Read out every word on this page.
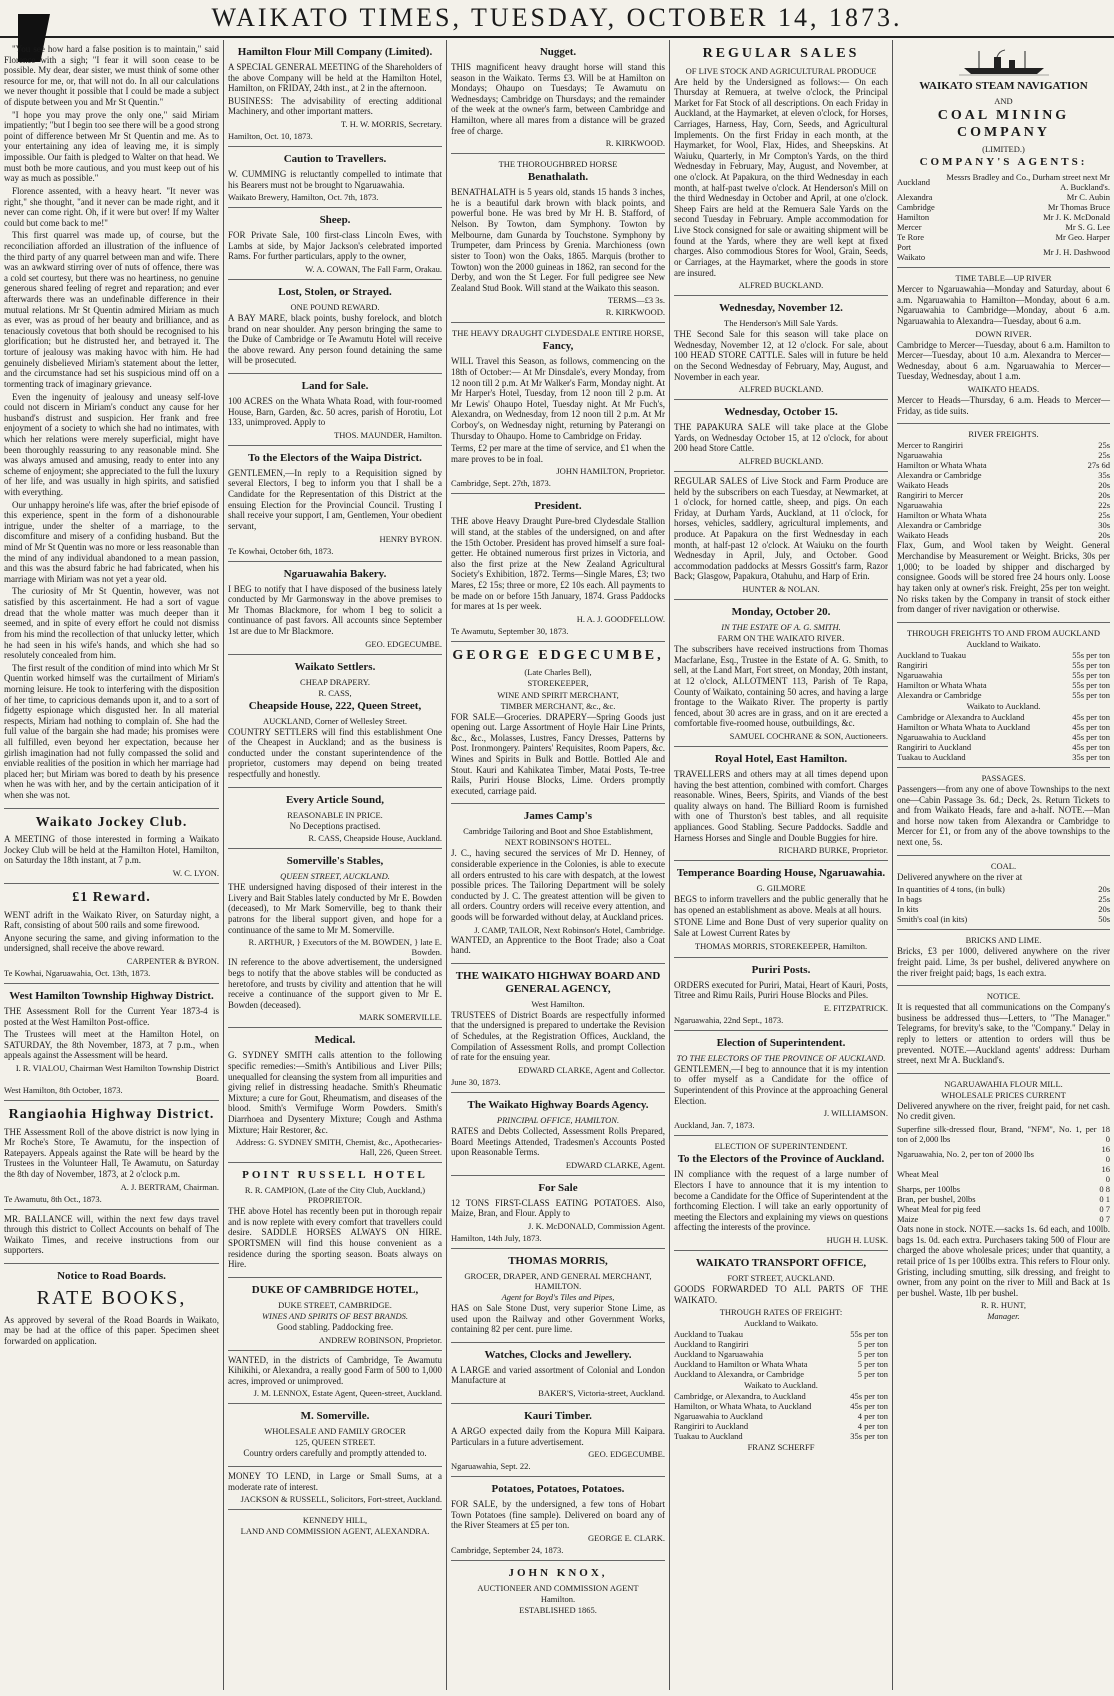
WAIKATO TIMES, TUESDAY, OCTOBER 14, 1873.

"You see how hard a false position is to maintain," said Florence with a sigh; "I fear it will soon cease to be possible. My dear, dear sister, we must think of some other resource for me, or, that will not do. In all our calculations we never thought it possible that I could be made a subject of dispute between you and Mr St Quentin."

"I hope you may prove the only one," said Miriam impatiently; "but I begin too see there will be a good strong point of difference between Mr St Quentin and me. As to your entertaining any idea of leaving me, it is simply impossible. Our faith is pledged to Walter on that head. We must both be more cautious, and you must keep out of his way as much as possible."

Florence assented, with a heavy heart. "It never was right," she thought, "and it never can be made right, and it never can come right. Oh, if it were but over! If my Walter could but come back to me!"

This first quarrel was made up, of course, but the reconciliation afforded an illustration of the influence of the third party of any quarrel between man and wife. There was an awkward stirring over of nuts of offence, there was a cold set courtesy, but there was no heartiness, no genuine generous shared feeling of regret and reparation; and ever afterwards there was an undefinable difference in their mutual relations. Mr St Quentin admired Miriam as much as ever, was as proud of her beauty and brilliance, and as tenaciously covetous that both should be recognised to his glorification; but he distrusted her, and betrayed it. The torture of jealousy was making havoc with him. He had genuinely disbelieved Miriam's statement about the letter, and the circumstance had set his suspicious mind off on a tormenting track of imaginary grievance.

Even the ingenuity of jealousy and uneasy self-love could not discern in Miriam's conduct any cause for her husband's distrust and suspicion. Her frank and free enjoyment of a society to which she had no intimates, with which her relations were merely superficial, might have been thoroughly reassuring to any reasonable mind. She was always amused and amusing, ready to enter into any scheme of enjoyment; she appreciated to the full the luxury of her life, and was usually in high spirits, and satisfied with everything.

Our unhappy heroine's life was, after the brief episode of this experience, spent in the form of a dishonourable intrigue, under the shelter of a marriage, to the discomfiture and misery of a confiding husband. But the mind of Mr St Quentin was no more or less reasonable than the mind of any individual abandoned to a mean passion, and this was the absurd fabric he had fabricated, when his marriage with Miriam was not yet a year old.

The curiosity of Mr St Quentin, however, was not satisfied by this ascertainment. He had a sort of vague dread that the whole matter was much deeper than it seemed, and in spite of every effort he could not dismiss from his mind the recollection of that unlucky letter, which he had seen in his wife's hands, and which she had so resolutely concealed from him.

The first result of the condition of mind into which Mr St Quentin worked himself was the curtailment of Miriam's morning leisure. He took to interfering with the disposition of her time, to capricious demands upon it, and to a sort of fidgetty espionage which disgusted her. In all material respects, Miriam had nothing to complain of. She had the full value of the bargain she had made; his promises were all fulfilled, even beyond her expectation, because her girlish imagination had not fully compassed the solid and enviable realities of the position in which her marriage had placed her; but Miriam was bored to death by his presence when he was with her, and by the certain anticipation of it when she was not.

Waikato Jockey Club.

A MEETING of those interested in forming a Waikato Jockey Club will be held at the Hamilton Hotel, Hamilton, on Saturday the 18th instant, at 7 p.m.

W. C. LYON.
£1 Reward.

WENT adrift in the Waikato River, on Saturday night, a Raft, consisting of about 500 rails and some firewood.

Anyone securing the same, and giving information to the undersigned, shall receive the above reward.

CARPENTER & BYRON.
Te Kowhai, Ngaruawahia, Oct. 13th, 1873.
West Hamilton Township Highway District.

THE Assessment Roll for the Current Year 1873-4 is posted at the West Hamilton Post-office.

The Trustees will meet at the Hamilton Hotel, on SATURDAY, the 8th November, 1873, at 7 p.m., when appeals against the Assessment will be heard.

I. R. VIALOU, Chairman West Hamilton Township District Board.
West Hamilton, 8th October, 1873.
Rangiaohia Highway District.

THE Assessment Roll of the above district is now lying in Mr Roche's Store, Te Awamutu, for the inspection of Ratepayers. Appeals against the Rate will be heard by the Trustees in the Volunteer Hall, Te Awamutu, on Saturday the 8th day of November, 1873, at 2 o'clock p.m.

A. J. BERTRAM, Chairman.
Te Awamutu, 8th Oct., 1873.

MR. BALLANCE will, within the next few days travel through this district to Collect Accounts on behalf of The Waikato Times, and receive instructions from our supporters.

Notice to Road Boards.
RATE BOOKS,

As approved by several of the Road Boards in Waikato, may be had at the office of this paper. Specimen sheet forwarded on application.

Hamilton Flour Mill Company (Limited).

A SPECIAL GENERAL MEETING of the Shareholders of the above Company will be held at the Hamilton Hotel, Hamilton, on FRIDAY, 24th inst., at 2 in the afternoon.

BUSINESS: The advisability of erecting additional Machinery, and other important matters.

T. H. W. MORRIS, Secretary.
Hamilton, Oct. 10, 1873.
Caution to Travellers.

W. CUMMING is reluctantly compelled to intimate that his Bearers must not be brought to Ngaruawahia.

Waikato Brewery, Hamilton, Oct. 7th, 1873.
Sheep.

FOR Private Sale, 100 first-class Lincoln Ewes, with Lambs at side, by Major Jackson's celebrated imported Rams. For further particulars, apply to the owner,

W. A. COWAN, The Fall Farm, Orakau.
Lost, Stolen, or Strayed.
ONE POUND REWARD.

A BAY MARE, black points, bushy forelock, and blotch brand on near shoulder. Any person bringing the same to the Duke of Cambridge or Te Awamutu Hotel will receive the above reward. Any person found detaining the same will be prosecuted.

Land for Sale.

100 ACRES on the Whata Whata Road, with four-roomed House, Barn, Garden, &c. 50 acres, parish of Horotiu, Lot 133, unimproved. Apply to

THOS. MAUNDER, Hamilton.
To the Electors of the Waipa District.

GENTLEMEN,—In reply to a Requisition signed by several Electors, I beg to inform you that I shall be a Candidate for the Representation of this District at the ensuing Election for the Provincial Council. Trusting I shall receive your support, I am, Gentlemen, Your obedient servant,

HENRY BYRON.
Te Kowhai, October 6th, 1873.
Ngaruawahia Bakery.

I BEG to notify that I have disposed of the business lately conducted by Mr Garmonsway in the above premises to Mr Thomas Blackmore, for whom I beg to solicit a continuance of past favors. All accounts since September 1st are due to Mr Blackmore.

GEO. EDGECUMBE.
Waikato Settlers.
CHEAP DRAPERY.
R. CASS,
Cheapside House, 222, Queen Street,
AUCKLAND, Corner of Wellesley Street.

COUNTRY SETTLERS will find this establishment One of the Cheapest in Auckland; and as the business is conducted under the constant superintendence of the proprietor, customers may depend on being treated respectfully and honestly.

Every Article Sound,
REASONABLE IN PRICE.

No Deceptions practised.

R. CASS, Cheapside House, Auckland.
Somerville's Stables,
QUEEN STREET, AUCKLAND.

THE undersigned having disposed of their interest in the Livery and Bait Stables lately conducted by Mr E. Bowden (deceased), to Mr Mark Somerville, beg to thank their patrons for the liberal support given, and hope for a continuance of the same to Mr M. Somerville.

R. ARTHUR, } Executors of the M. BOWDEN, } late E. Bowden.

IN reference to the above advertisement, the undersigned begs to notify that the above stables will be conducted as heretofore, and trusts by civility and attention that he will receive a continuance of the support given to Mr E. Bowden (deceased).

MARK SOMERVILLE.
Medical.

G. SYDNEY SMITH calls attention to the following specific remedies:—Smith's Antibilious and Liver Pills; unequalled for cleansing the system from all impurities and giving relief in distressing headache. Smith's Rheumatic Mixture; a cure for Gout, Rheumatism, and diseases of the blood. Smith's Vermifuge Worm Powders. Smith's Diarrhoea and Dysentery Mixture; Cough and Asthma Mixture; Hair Restorer, &c.

Address: G. SYDNEY SMITH, Chemist, &c., Apothecaries-Hall, 226, Queen Street.
POINT RUSSELL HOTEL
R. R. CAMPION, (Late of the City Club, Auckland,) PROPRIETOR.

THE above Hotel has recently been put in thorough repair and is now replete with every comfort that travellers could desire. SADDLE HORSES ALWAYS ON HIRE. SPORTSMEN will find this house convenient as a residence during the sporting season. Boats always on Hire.

DUKE OF CAMBRIDGE HOTEL,
DUKE STREET, CAMBRIDGE.
WINES AND SPIRITS OF BEST BRANDS.

Good stabling. Paddocking free.

ANDREW ROBINSON, Proprietor.

WANTED, in the districts of Cambridge, Te Awamutu Kihikihi, or Alexandra, a really good Farm of 500 to 1,000 acres, improved or unimproved.

J. M. LENNOX, Estate Agent, Queen-street, Auckland.
M. Somerville.
WHOLESALE AND FAMILY GROCER
125, QUEEN STREET.

Country orders carefully and promptly attended to.

MONEY TO LEND, in Large or Small Sums, at a moderate rate of interest.

JACKSON & RUSSELL, Solicitors, Fort-street, Auckland.
KENNEDY HILL,
LAND AND COMMISSION AGENT, ALEXANDRA.
Nugget.

THIS magnificent heavy draught horse will stand this season in the Waikato. Terms £3. Will be at Hamilton on Mondays; Ohaupo on Tuesdays; Te Awamutu on Wednesdays; Cambridge on Thursdays; and the remainder of the week at the owner's farm, between Cambridge and Hamilton, where all mares from a distance will be grazed free of charge.

R. KIRKWOOD.
THE THOROUGHBRED HORSE
Benathalath.

BENATHALATH is 5 years old, stands 15 hands 3 inches, he is a beautiful dark brown with black points, and powerful bone. He was bred by Mr H. B. Stafford, of Nelson. By Towton, dam Symphony. Towton by Melbourne, dam Gunarda by Touchstone. Symphony by Trumpeter, dam Princess by Grenia. Marchioness (own sister to Toon) won the Oaks, 1865. Marquis (brother to Towton) won the 2000 guineas in 1862, ran second for the Derby, and won the St Leger. For full pedigree see New Zealand Stud Book. Will stand at the Waikato this season.

TERMS—£3 3s.
R. KIRKWOOD.
THE HEAVY DRAUGHT CLYDESDALE ENTIRE HORSE,
Fancy,

WILL Travel this Season, as follows, commencing on the 18th of October:— At Mr Dinsdale's, every Monday, from 12 noon till 2 p.m. At Mr Walker's Farm, Monday night. At Mr Harper's Hotel, Tuesday, from 12 noon till 2 p.m. At Mr Lewis' Ohaupo Hotel, Tuesday night. At Mr Fuch's, Alexandra, on Wednesday, from 12 noon till 2 p.m. At Mr Corboy's, on Wednesday night, returning by Paterangi on Thursday to Ohaupo. Home to Cambridge on Friday.

Terms, £2 per mare at the time of service, and £1 when the mare proves to be in foal.

JOHN HAMILTON, Proprietor.
Cambridge, Sept. 27th, 1873.
President.

THE above Heavy Draught Pure-bred Clydesdale Stallion will stand, at the stables of the undersigned, on and after the 15th October. President has proved himself a sure foal-getter. He obtained numerous first prizes in Victoria, and also the first prize at the New Zealand Agricultural Society's Exhibition, 1872. Terms—Single Mares, £3; two Mares, £2 15s; three or more, £2 10s each. All payments to be made on or before 15th January, 1874. Grass Paddocks for mares at 1s per week.

H. A. J. GOODFELLOW.
Te Awamutu, September 30, 1873.
GEORGE EDGECUMBE,
(Late Charles Bell),
STOREKEEPER,
WINE AND SPIRIT MERCHANT,
TIMBER MERCHANT, &c., &c.

FOR SALE—Groceries. DRAPERY—Spring Goods just opening out. Large Assortment of Hoyle Hair Line Prints, &c., &c., Molasses, Lustres, Fancy Dresses, Patterns by Post. Ironmongery. Painters' Requisites, Room Papers, &c. Wines and Spirits in Bulk and Bottle. Bottled Ale and Stout. Kauri and Kahikatea Timber, Matai Posts, Te-tree Rails, Puriri House Blocks, Lime. Orders promptly executed, carriage paid.

James Camp's
Cambridge Tailoring and Boot and Shoe Establishment,
NEXT ROBINSON'S HOTEL.

J. C., having secured the services of Mr D. Henney, of considerable experience in the Colonies, is able to execute all orders entrusted to his care with despatch, at the lowest possible prices. The Tailoring Department will be solely conducted by J. C. The greatest attention will be given to all orders. Country orders will receive every attention, and goods will be forwarded without delay, at Auckland prices.

J. CAMP, TAILOR, Next Robinson's Hotel, Cambridge.

WANTED, an Apprentice to the Boot Trade; also a Coat hand.

THE WAIKATO HIGHWAY BOARD AND GENERAL AGENCY,
West Hamilton.

TRUSTEES of District Boards are respectfully informed that the undersigned is prepared to undertake the Revision of Schedules, at the Registration Offices, Auckland, the Compilation of Assessment Rolls, and prompt Collection of rate for the ensuing year.

EDWARD CLARKE, Agent and Collector.
June 30, 1873.
The Waikato Highway Boards Agency.
PRINCIPAL OFFICE, HAMILTON.

RATES and Debts Collected, Assessment Rolls Prepared, Board Meetings Attended, Tradesmen's Accounts Posted upon Reasonable Terms.

EDWARD CLARKE, Agent.
For Sale

12 TONS FIRST-CLASS EATING POTATOES. Also, Maize, Bran, and Flour. Apply to

J. K. McDONALD, Commission Agent.
Hamilton, 14th July, 1873.
THOMAS MORRIS,
GROCER, DRAPER, AND GENERAL MERCHANT, HAMILTON.
Agent for Boyd's Tiles and Pipes,

HAS on Sale Stone Dust, very superior Stone Lime, as used upon the Railway and other Government Works, containing 82 per cent. pure lime.

Watches, Clocks and Jewellery.

A LARGE and varied assortment of Colonial and London Manufacture at

BAKER'S, Victoria-street, Auckland.
Kauri Timber.

A ARGO expected daily from the Kopura Mill Kaipara. Particulars in a future advertisement.

GEO. EDGECUMBE.
Ngaruawahia, Sept. 22.
Potatoes, Potatoes, Potatoes.

FOR SALE, by the undersigned, a few tons of Hobart Town Potatoes (fine sample). Delivered on board any of the River Steamers at £5 per ton.

GEORGE E. CLARK.
Cambridge, September 24, 1873.
JOHN KNOX,
AUCTIONEER AND COMMISSION AGENT
Hamilton.
ESTABLISHED 1865.
REGULAR SALES
OF LIVE STOCK AND AGRICULTURAL PRODUCE

Are held by the Undersigned as follows:— On each Thursday at Remuera, at twelve o'clock, the Principal Market for Fat Stock of all descriptions. On each Friday in Auckland, at the Haymarket, at eleven o'clock, for Horses, Carriages, Harness, Hay, Corn, Seeds, and Agricultural Implements. On the first Friday in each month, at the Haymarket, for Wool, Flax, Hides, and Sheepskins. At Waiuku, Quarterly, in Mr Compton's Yards, on the third Wednesday in February, May, August, and November, at one o'clock. At Papakura, on the third Wednesday in each month, at half-past twelve o'clock. At Henderson's Mill on the third Wednesday in October and April, at one o'clock. Sheep Fairs are held at the Remuera Sale Yards on the second Tuesday in February. Ample accommodation for Live Stock consigned for sale or awaiting shipment will be found at the Yards, where they are well kept at fixed charges. Also commodious Stores for Wool, Grain, Seeds, or Carriages, at the Haymarket, where the goods in store are insured.

ALFRED BUCKLAND.
Wednesday, November 12.
The Henderson's Mill Sale Yards.

THE Second Sale for this season will take place on Wednesday, November 12, at 12 o'clock. For sale, about 100 HEAD STORE CATTLE. Sales will in future be held on the Second Wednesday of February, May, August, and November in each year.

ALFRED BUCKLAND.
Wednesday, October 15.

THE PAPAKURA SALE will take place at the Globe Yards, on Wednesday October 15, at 12 o'clock, for about 200 head Store Cattle.

ALFRED BUCKLAND.

REGULAR SALES of Live Stock and Farm Produce are held by the subscribers on each Tuesday, at Newmarket, at 1 o'clock, for horned cattle, sheep, and pigs. On each Friday, at Durham Yards, Auckland, at 11 o'clock, for horses, vehicles, saddlery, agricultural implements, and produce. At Papakura on the first Wednesday in each month, at half-past 12 o'clock. At Waiuku on the fourth Wednesday in April, July, and October. Good accommodation paddocks at Messrs Gossitt's farm, Razor Back; Glasgow, Papakura, Otahuhu, and Harp of Erin.

HUNTER & NOLAN.
Monday, October 20.
IN THE ESTATE OF A. G. SMITH.
FARM ON THE WAIKATO RIVER.

The subscribers have received instructions from Thomas Macfarlane, Esq., Trustee in the Estate of A. G. Smith, to sell, at the Land Mart, Fort street, on Monday, 20th instant, at 12 o'clock, ALLOTMENT 113, Parish of Te Rapa, County of Waikato, containing 50 acres, and having a large frontage to the Waikato River. The property is partly fenced, about 30 acres are in grass, and on it are erected a comfortable five-roomed house, outbuildings, &c.

SAMUEL COCHRANE & SON, Auctioneers.
Royal Hotel, East Hamilton.

TRAVELLERS and others may at all times depend upon having the best attention, combined with comfort. Charges reasonable. Wines, Beers, Spirits, and Viands of the best quality always on hand. The Billiard Room is furnished with one of Thurston's best tables, and all requisite appliances. Good Stabling. Secure Paddocks. Saddle and Harness Horses and Single and Double Buggies for hire.

RICHARD BURKE, Proprietor.
Temperance Boarding House, Ngaruawahia.
G. GILMORE

BEGS to inform travellers and the public generally that he has opened an establishment as above. Meals at all hours.

STONE Lime and Bone Dust of very superior quality on Sale at Lowest Current Rates by

THOMAS MORRIS, STOREKEEPER, Hamilton.
Puriri Posts.

ORDERS executed for Puriri, Matai, Heart of Kauri, Posts, Titree and Rimu Rails, Puriri House Blocks and Piles.

E. FITZPATRICK.
Ngaruawahia, 22nd Sept., 1873.
Election of Superintendent.
TO THE ELECTORS OF THE PROVINCE OF AUCKLAND.

GENTLEMEN,—I beg to announce that it is my intention to offer myself as a Candidate for the office of Superintendent of this Province at the approaching General Election.

J. WILLIAMSON.
Auckland, Jan. 7, 1873.
ELECTION OF SUPERINTENDENT.
To the Electors of the Province of Auckland.

IN compliance with the request of a large number of Electors I have to announce that it is my intention to become a Candidate for the Office of Superintendent at the forthcoming Election. I will take an early opportunity of meeting the Electors and explaining my views on questions affecting the interests of the province.

HUGH H. LUSK.
WAIKATO TRANSPORT OFFICE,
FORT STREET, AUCKLAND.

GOODS FORWARDED TO ALL PARTS OF THE WAIKATO.

THROUGH RATES OF FREIGHT:
Auckland to Waikato.
Auckland to Tuakau	55s per ton
Auckland to Rangiriri	5 per ton
Auckland to Ngaruawahia	5 per ton
Auckland to Hamilton or Whata Whata	5 per ton
Auckland to Alexandra, or Cambridge	5 per ton
Waikato to Auckland.
Cambridge, or Alexandra, to Auckland	45s per ton
Hamilton, or Whata Whata, to Auckland	45s per ton
Ngaruawahia to Auckland	4 per ton
Rangiriri to Auckland	4 per ton
Tuakau to Auckland	35s per ton
FRANZ SCHERFF
WAIKATO STEAM NAVIGATION
AND
COAL MINING COMPANY
(LIMITED.)
COMPANY'S AGENTS:
Auckland	Messrs Bradley and Co., Durham street next Mr A. Buckland's.
Alexandra	Mr C. Aubin
Cambridge	Mr Thomas Bruce
Hamilton	Mr J. K. McDonald
Mercer	Mr S. G. Lee
Te Rore	Mr Geo. Harper
Port Waikato	Mr J. H. Dashwood
TIME TABLE—UP RIVER

Mercer to Ngaruawahia—Monday and Saturday, about 6 a.m. Ngaruawahia to Hamilton—Monday, about 6 a.m. Ngaruawahia to Cambridge—Monday, about 6 a.m. Ngaruawahia to Alexandra—Tuesday, about 6 a.m.

DOWN RIVER.

Cambridge to Mercer—Tuesday, about 6 a.m. Hamilton to Mercer—Tuesday, about 10 a.m. Alexandra to Mercer—Wednesday, about 6 a.m. Ngaruawahia to Mercer—Tuesday, Wednesday, about 1 a.m.

WAIKATO HEADS.

Mercer to Heads—Thursday, 6 a.m. Heads to Mercer—Friday, as tide suits.

RIVER FREIGHTS.
Mercer to Rangiriri	25s
Ngaruawahia	25s
Hamilton or Whata Whata	27s 6d
Alexandra or Cambridge	35s
Waikato Heads	20s
Rangiriri to Mercer	20s
Ngaruawahia	22s
Hamilton or Whata Whata	25s
Alexandra or Cambridge	30s
Waikato Heads	20s

Flax, Gum, and Wool taken by Weight. General Merchandise by Measurement or Weight. Bricks, 30s per 1,000; to be loaded by shipper and discharged by consignee. Goods will be stored free 24 hours only. Loose hay taken only at owner's risk. Freight, 25s per ton weight. No risks taken by the Company in transit of stock either from danger of river navigation or otherwise.

THROUGH FREIGHTS TO AND FROM AUCKLAND
Auckland to Waikato.
Auckland to Tuakau	55s per ton
Rangiriri	55s per ton
Ngaruawahia	55s per ton
Hamilton or Whata Whata	55s per ton
Alexandra or Cambridge	55s per ton
Waikato to Auckland.
Cambridge or Alexandra to Auckland	45s per ton
Hamilton or Whata Whata to Auckland	45s per ton
Ngaruawahia to Auckland	45s per ton
Rangiriri to Auckland	45s per ton
Tuakau to Auckland	35s per ton
PASSAGES.

Passengers—from any one of above Townships to the next one—Cabin Passage 3s. 6d.; Deck, 2s. Return Tickets to and from Waikato Heads, fare and a-half. NOTE.—Man and horse now taken from Alexandra or Cambridge to Mercer for £1, or from any of the above townships to the next one, 5s.

COAL.

Delivered anywhere on the river at

In quantities of 4 tons, (in bulk)	20s
In bags	25s
In kits	20s
Smith's coal (in kits)	50s
BRICKS AND LIME.

Bricks, £3 per 1000, delivered anywhere on the river freight paid. Lime, 3s per bushel, delivered anywhere on the river freight paid; bags, 1s each extra.

NOTICE.

It is requested that all communications on the Company's business be addressed thus—Letters, to "The Manager." Telegrams, for brevity's sake, to the "Company." Delay in reply to letters or attention to orders will thus be prevented. NOTE.—Auckland agents' address: Durham street, next Mr A. Buckland's.

NGARUAWAHIA FLOUR MILL.
WHOLESALE PRICES CURRENT

Delivered anywhere on the river, freight paid, for net cash. No credit given.

Superfine silk-dressed flour, Brand, "NFM", No. 1, per ton of 2,000 lbs	18 0
Ngaruawahia, No. 2, per ton of 2000 lbs	16 0
Wheat Meal	16 0
Sharps, per 100lbs	0 8
Bran, per bushel, 20lbs	0 1
Wheat Meal for pig feed	0 7
Maize	0 7

Oats none in stock. NOTE.—sacks 1s. 6d each, and 100lb. bags 1s. 0d. each extra. Purchasers taking 500 of Flour are charged the above wholesale prices; under that quantity, a retail price of 1s per 100lbs extra. This refers to Flour only. Gristing, including smutting, silk dressing, and freight to owner, from any point on the river to Mill and Back at 1s per bushel. Waste, 1lb per bushel.

R. R. HUNT,
Manager.
